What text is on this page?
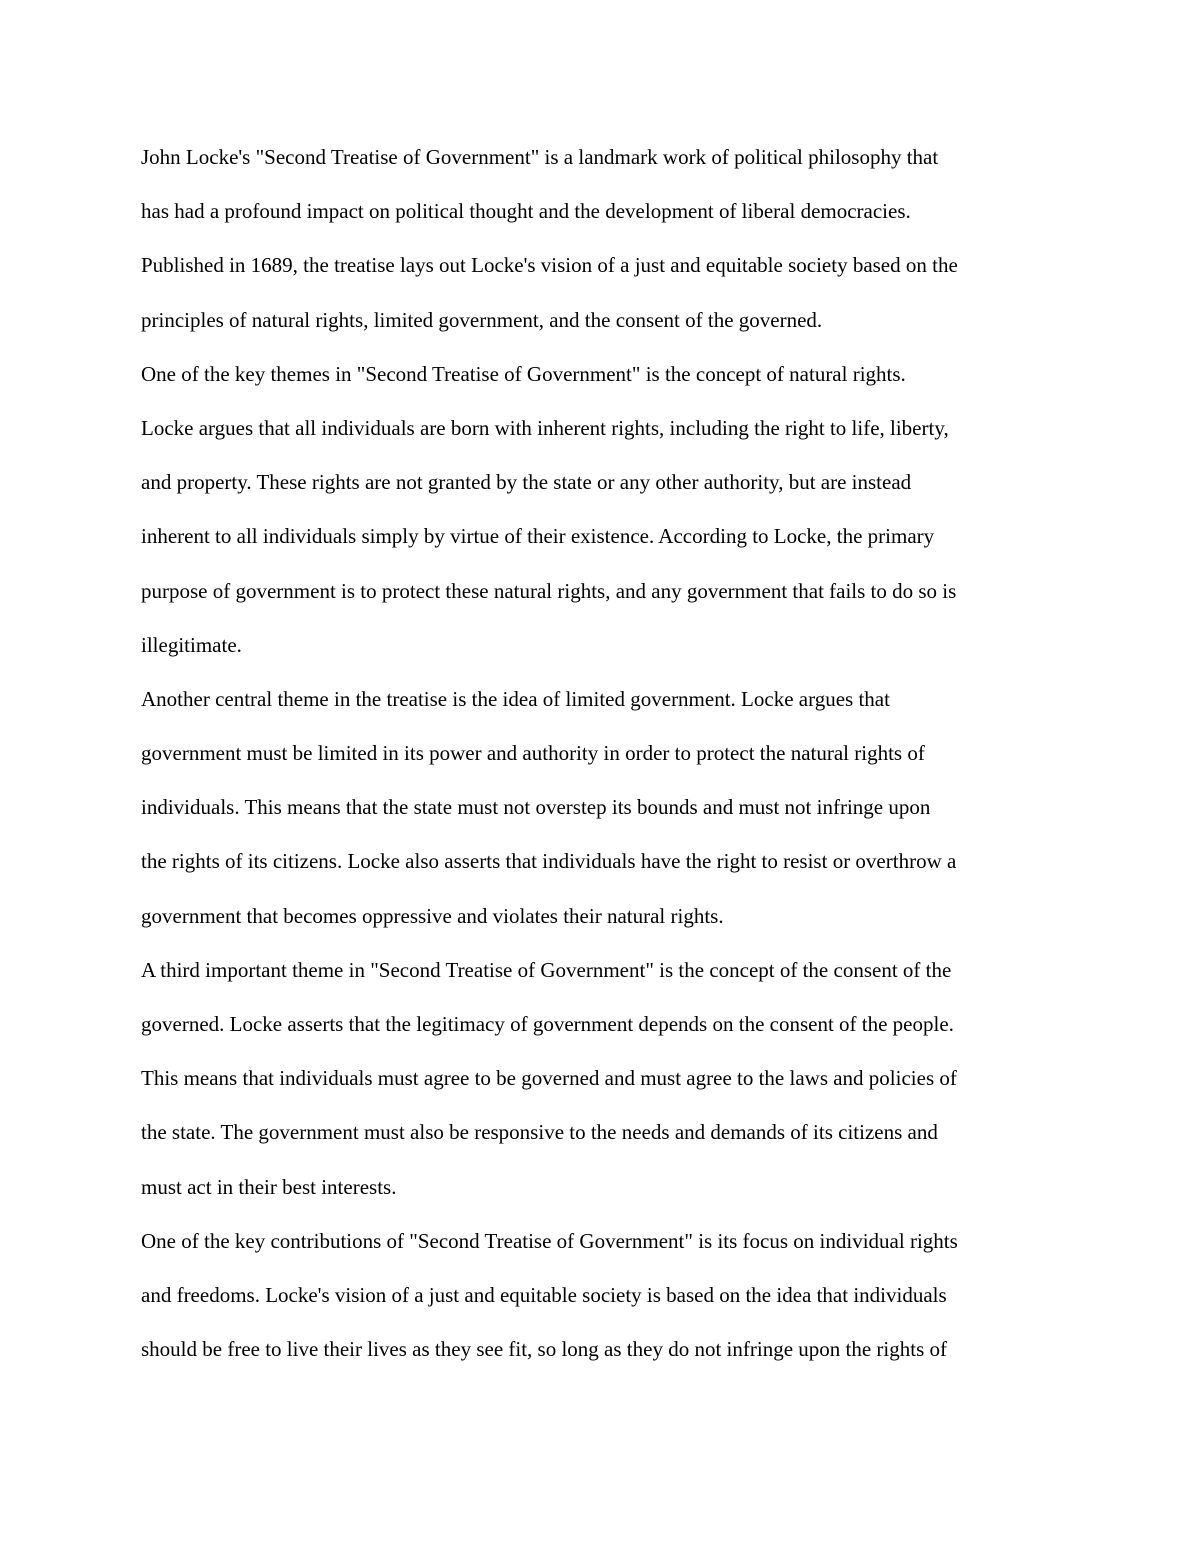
John Locke's "Second Treatise of Government" is a landmark work of political philosophy that
has had a profound impact on political thought and the development of liberal democracies.
Published in 1689, the treatise lays out Locke's vision of a just and equitable society based on the
principles of natural rights, limited government, and the consent of the governed.
One of the key themes in "Second Treatise of Government" is the concept of natural rights.
Locke argues that all individuals are born with inherent rights, including the right to life, liberty,
and property. These rights are not granted by the state or any other authority, but are instead
inherent to all individuals simply by virtue of their existence. According to Locke, the primary
purpose of government is to protect these natural rights, and any government that fails to do so is
illegitimate.
Another central theme in the treatise is the idea of limited government. Locke argues that
government must be limited in its power and authority in order to protect the natural rights of
individuals. This means that the state must not overstep its bounds and must not infringe upon
the rights of its citizens. Locke also asserts that individuals have the right to resist or overthrow a
government that becomes oppressive and violates their natural rights.
A third important theme in "Second Treatise of Government" is the concept of the consent of the
governed. Locke asserts that the legitimacy of government depends on the consent of the people.
This means that individuals must agree to be governed and must agree to the laws and policies of
the state. The government must also be responsive to the needs and demands of its citizens and
must act in their best interests.
One of the key contributions of "Second Treatise of Government" is its focus on individual rights
and freedoms. Locke's vision of a just and equitable society is based on the idea that individuals
should be free to live their lives as they see fit, so long as they do not infringe upon the rights of
